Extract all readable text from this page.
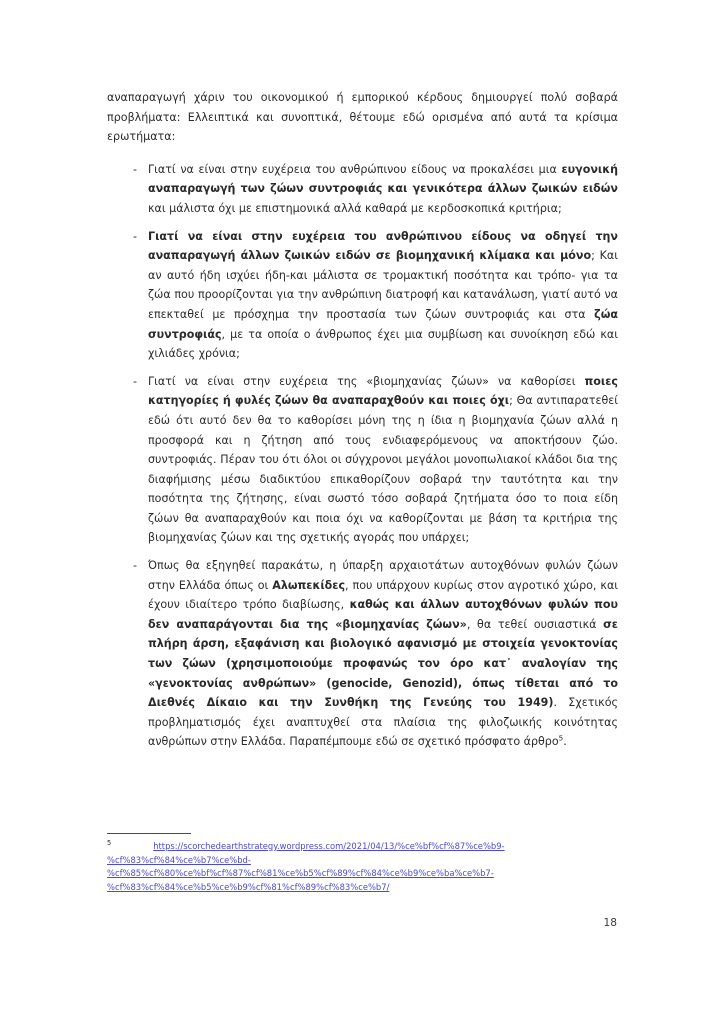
αναπαραγωγή χάριν του οικονομικού ή εμπορικού κέρδους δημιουργεί πολύ σοβαρά προβλήματα: Ελλειπτικά και συνοπτικά, θέτουμε εδώ ορισμένα από αυτά τα κρίσιμα ερωτήματα:

- Γιατί να είναι στην ευχέρεια του ανθρώπινου είδους να προκαλέσει μια ευγονική αναπαραγωγή των ζώων συντροφιάς και γενικότερα άλλων ζωικών ειδών και μάλιστα όχι με επιστημονικά αλλά καθαρά με κερδοσκοπικά κριτήρια;
- Γιατί να είναι στην ευχέρεια του ανθρώπινου είδους να οδηγεί την αναπαραγωγή άλλων ζωικών ειδών σε βιομηχανική κλίμακα και μόνο; Και αν αυτό ήδη ισχύει ήδη-και μάλιστα σε τρομακτική ποσότητα και τρόπο- για τα ζώα που προορίζονται για την ανθρώπινη διατροφή και κατανάλωση, γιατί αυτό να επεκταθεί με πρόσχημα την προστασία των ζώων συντροφιάς και στα ζώα συντροφιάς, με τα οποία ο άνθρωπος έχει μια συμβίωση και συνοίκηση εδώ και χιλιάδες χρόνια;
- Γιατί να είναι στην ευχέρεια της «βιομηχανίας ζώων» να καθορίσει ποιες κατηγορίες ή φυλές ζώων θα αναπαραχθούν και ποιες όχι; Θα αντιπαρατεθεί εδώ ότι αυτό δεν θα το καθορίσει μόνη της η ίδια η βιομηχανία ζώων αλλά η προσφορά και η ζήτηση από τους ενδιαφερόμενους να αποκτήσουν ζώο. συντροφιάς. Πέραν του ότι όλοι οι σύγχρονοι μεγάλοι μονοπωλιακοί κλάδοι δια της διαφήμισης μέσω διαδικτύου επικαθορίζουν σοβαρά την ταυτότητα και την ποσότητα της ζήτησης, είναι σωστό τόσο σοβαρά ζητήματα όσο το ποια είδη ζώων θα αναπαραχθούν και ποια όχι να καθορίζονται με βάση τα κριτήρια της βιομηχανίας ζώων και της σχετικής αγοράς που υπάρχει;
- Όπως θα εξηγηθεί παρακάτω, η ύπαρξη αρχαιοτάτων αυτοχθόνων φυλών ζώων στην Ελλάδα όπως οι Αλωπεκίδες, που υπάρχουν κυρίως στον αγροτικό χώρο, και έχουν ιδιαίτερο τρόπο διαβίωσης, καθώς και άλλων αυτοχθόνων φυλών που δεν αναπαράγονται δια της «βιομηχανίας ζώων», θα τεθεί ουσιαστικά σε πλήρη άρση, εξαφάνιση και βιολογικό αφανισμό με στοιχεία γενοκτονίας των ζώων (χρησιμοποιούμε προφανώς τον όρο κατ᾽ αναλογίαν της «γενοκτονίας ανθρώπων» (genocide, Genozid), όπως τίθεται από το Διεθνές Δίκαιο και την Συνθήκη της Γενεύης του 1949). Σχετικός προβληματισμός έχει αναπτυχθεί στα πλαίσια της φιλοζωικής κοινότητας ανθρώπων στην Ελλάδα. Παραπέμπουμε εδώ σε σχετικό πρόσφατο άρθρο$^5$.
$^5$	https://scorchedearthstrategy.wordpress.com/2021/04/13/%ce%bf%cf%87%ce%b9-
%cf%83%cf%84%ce%b7%ce%bd-
%cf%85%cf%80%ce%bf%cf%87%cf%81%ce%b5%cf%89%cf%84%ce%b9%ce%ba%ce%b7-
%cf%83%cf%84%ce%b5%ce%b9%cf%81%cf%89%cf%83%ce%b7/
18
